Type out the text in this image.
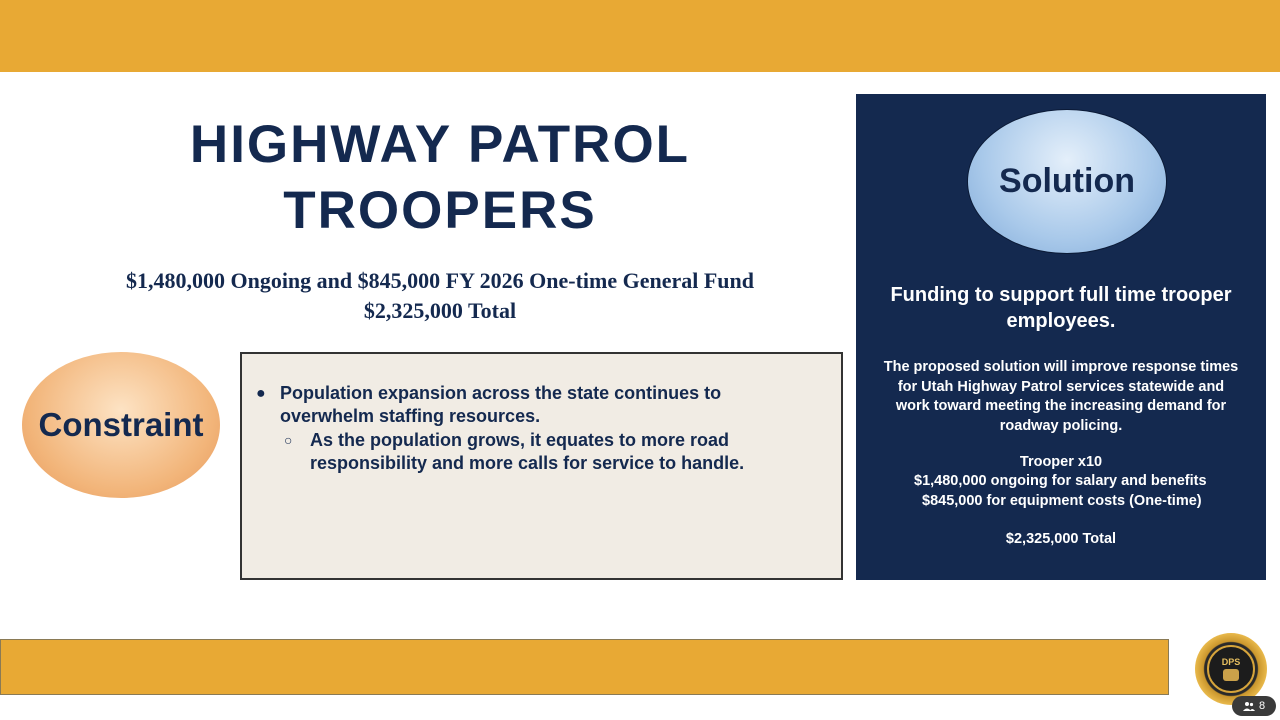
HIGHWAY PATROL
TROOPERS
$1,480,000 Ongoing and $845,000 FY 2026 One-time General Fund
$2,325,000 Total
Constraint
● Population expansion across the state continues to overwhelm staffing resources.
○ As the population grows, it equates to more road responsibility and more calls for service to handle.
Solution
Funding to support full time trooper employees.
The proposed solution will improve response times
for Utah Highway Patrol services statewide and
work toward meeting the increasing demand for
roadway policing.
Trooper x10
$1,480,000 ongoing for salary and benefits
$845,000 for equipment costs (One-time)
$2,325,000 Total
DPS
8
